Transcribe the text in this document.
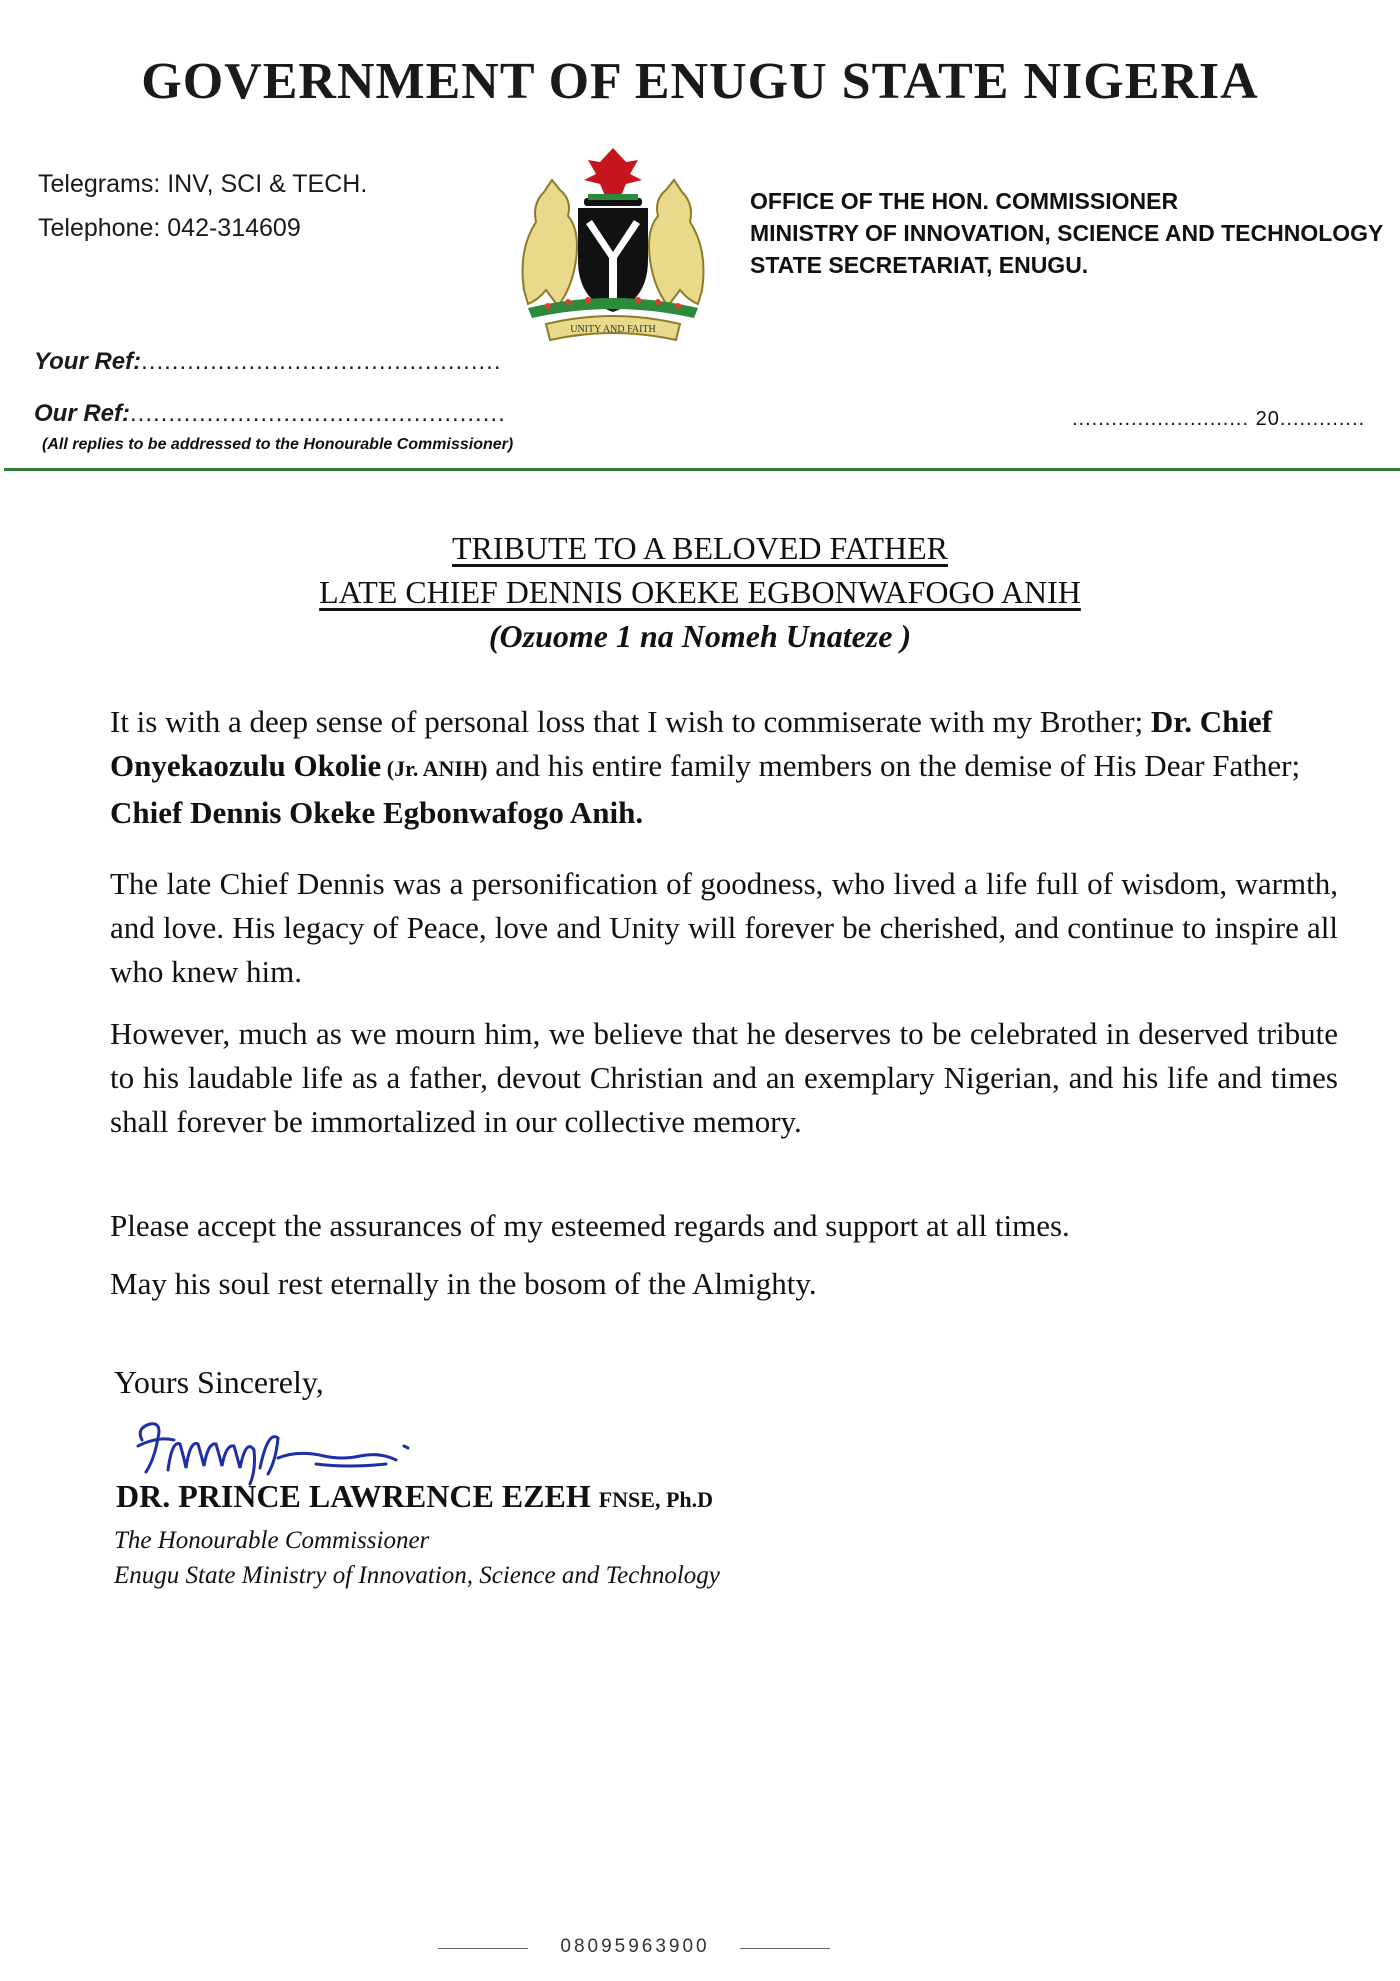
GOVERNMENT OF ENUGU STATE NIGERIA
Telegrams: INV, SCI & TECH.
Telephone: 042-314609
UNITY AND FAITH
OFFICE OF THE HON. COMMISSIONER
MINISTRY OF INNOVATION, SCIENCE AND TECHNOLOGY
STATE SECRETARIAT, ENUGU.
Your Ref:...............................................
Our Ref:.................................................
(All replies to be addressed to the Honourable Commissioner)
........................... 20.............
TRIBUTE TO A BELOVED FATHER
LATE CHIEF DENNIS OKEKE EGBONWAFOGO ANIH
(Ozuome 1 na Nomeh Unateze )
It is with a deep sense of personal loss that I wish to commiserate with my Brother; Dr. Chief Onyekaozulu Okolie (Jr. ANIH) and his entire family members on the demise of His Dear Father; Chief Dennis Okeke Egbonwafogo Anih.
The late Chief Dennis was a personification of goodness, who lived a life full of wisdom, warmth, and love. His legacy of Peace, love and Unity will forever be cherished, and continue to inspire all who knew him.
However, much as we mourn him, we believe that he deserves to be celebrated in deserved tribute to his laudable life as a father, devout Christian and an exemplary Nigerian, and his life and times shall forever be immortalized in our collective memory.
Please accept the assurances of my esteemed regards and support at all times.
May his soul rest eternally in the bosom of the Almighty.
Yours Sincerely,
DR. PRINCE LAWRENCE EZEH FNSE, Ph.D
The Honourable Commissioner
Enugu State Ministry of Innovation, Science and Technology
08095963900
